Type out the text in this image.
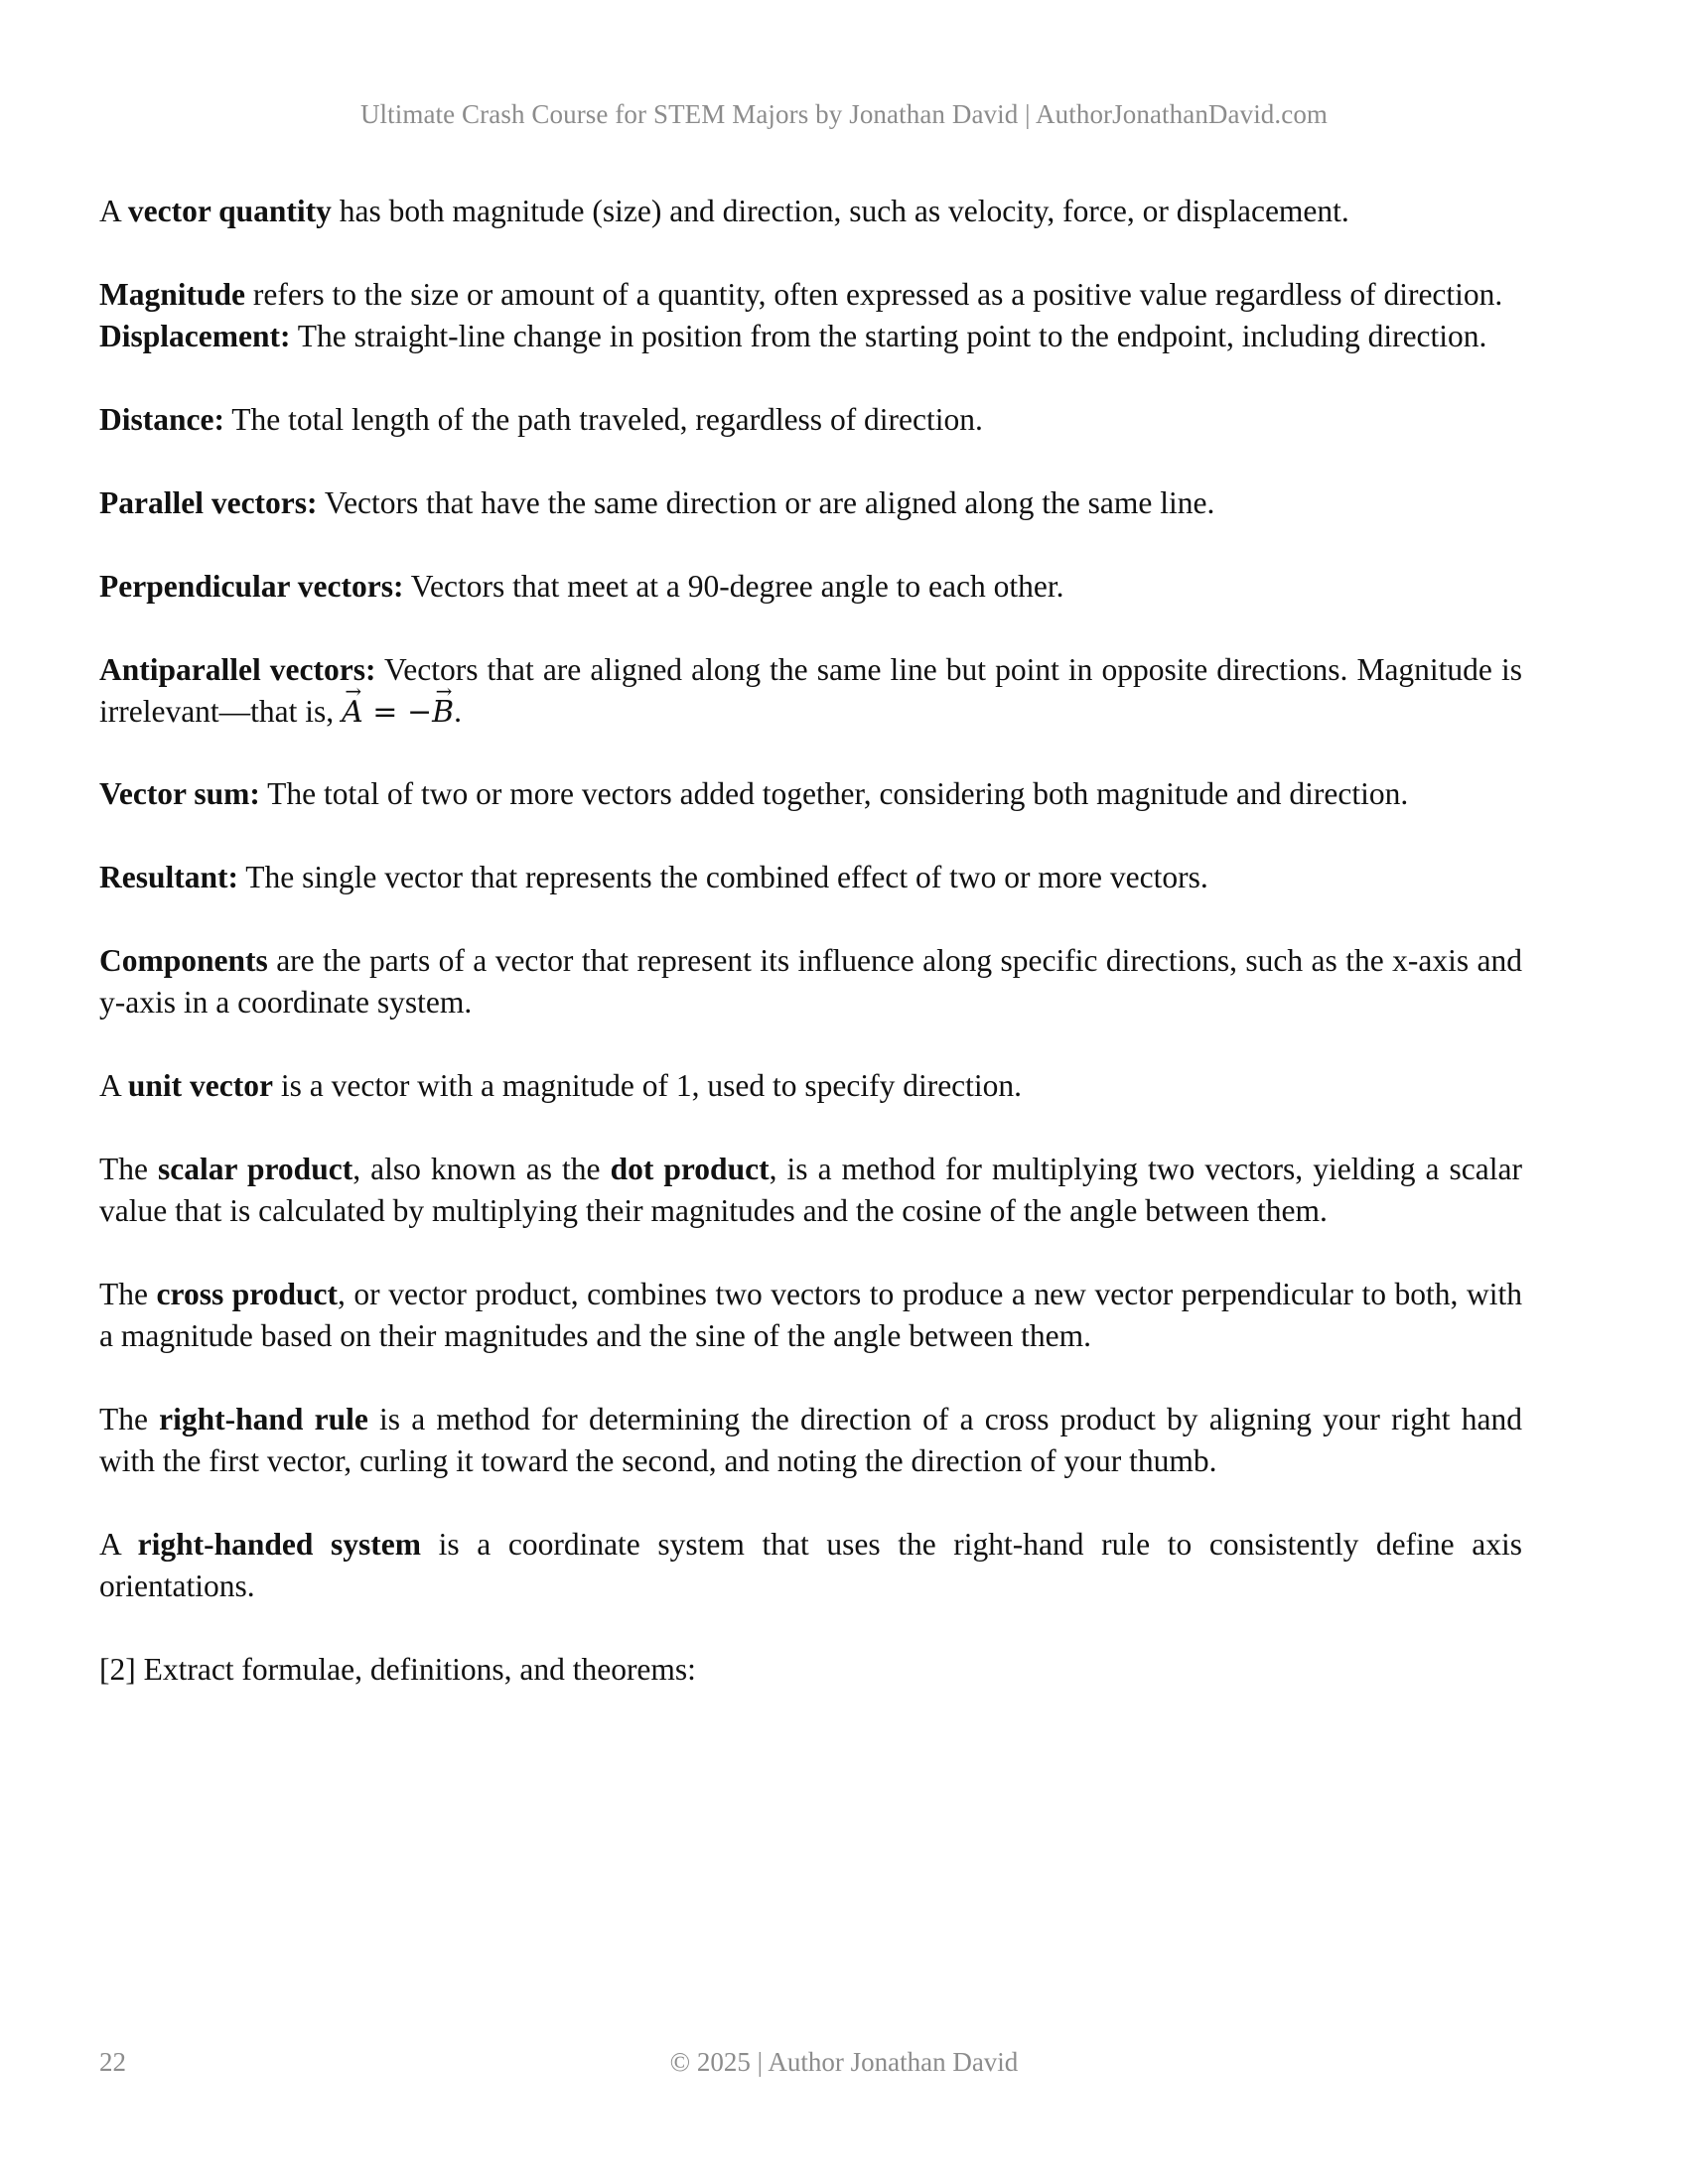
Ultimate Crash Course for STEM Majors by Jonathan David | AuthorJonathanDavid.com

A vector quantity has both magnitude (size) and direction, such as velocity, force, or displacement.

Magnitude refers to the size or amount of a quantity, often expressed as a positive value regardless of direction.

Displacement: The straight-line change in position from the starting point to the endpoint, including direction.

Distance: The total length of the path traveled, regardless of direction.

Parallel vectors: Vectors that have the same direction or are aligned along the same line.

Perpendicular vectors: Vectors that meet at a 90-degree angle to each other.

Antiparallel vectors: Vectors that are aligned along the same line but point in opposite directions. Magnitude is irrelevant—that is, → A = −→ B.

Vector sum: The total of two or more vectors added together, considering both magnitude and direction.

Resultant: The single vector that represents the combined effect of two or more vectors.

Components are the parts of a vector that represent its influence along specific directions, such as the x-axis and y-axis in a coordinate system.

A unit vector is a vector with a magnitude of 1, used to specify direction.

The scalar product, also known as the dot product, is a method for multiplying two vectors, yielding a scalar value that is calculated by multiplying their magnitudes and the cosine of the angle between them.

The cross product, or vector product, combines two vectors to produce a new vector perpendicular to both, with a magnitude based on their magnitudes and the sine of the angle between them.

The right-hand rule is a method for determining the direction of a cross product by aligning your right hand with the first vector, curling it toward the second, and noting the direction of your thumb.

A right-handed system is a coordinate system that uses the right-hand rule to consistently define axis orientations.

[2] Extract formulae, definitions, and theorems:

22	© 2025 | Author Jonathan David
